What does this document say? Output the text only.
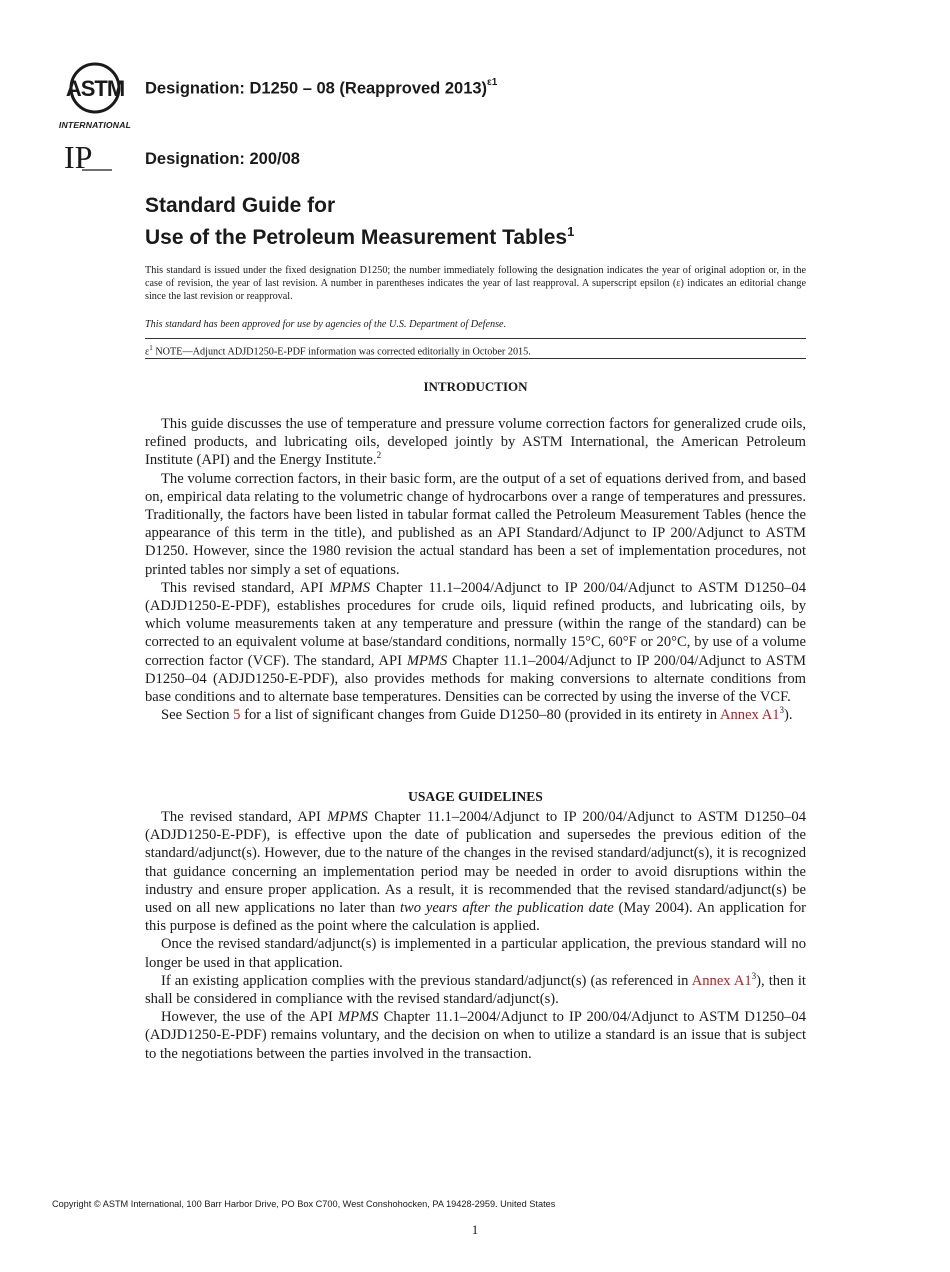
ASTM
INTERNATIONAL
IP
Designation: D1250 – 08 (Reapproved 2013)$^{\varepsilon 1}$
Designation: 200/08
Standard Guide for
Use of the Petroleum Measurement Tables$^1$
This standard is issued under the fixed designation D1250; the number immediately following the designation indicates the year of original adoption or, in the case of revision, the year of last revision. A number in parentheses indicates the year of last reapproval. A superscript epsilon (ε) indicates an editorial change since the last revision or reapproval.
This standard has been approved for use by agencies of the U.S. Department of Defense.
$\varepsilon^1$ NOTE—Adjunct ADJD1250-E-PDF information was corrected editorially in October 2015.
INTRODUCTION

This guide discusses the use of temperature and pressure volume correction factors for generalized crude oils, refined products, and lubricating oils, developed jointly by ASTM International, the American Petroleum Institute (API) and the Energy Institute.$^2$

The volume correction factors, in their basic form, are the output of a set of equations derived from, and based on, empirical data relating to the volumetric change of hydrocarbons over a range of temperatures and pressures. Traditionally, the factors have been listed in tabular format called the Petroleum Measurement Tables (hence the appearance of this term in the title), and published as an API Standard/Adjunct to IP 200/Adjunct to ASTM D1250. However, since the 1980 revision the actual standard has been a set of implementation procedures, not printed tables nor simply a set of equations.

This revised standard, API MPMS Chapter 11.1–2004/Adjunct to IP 200/04/Adjunct to ASTM D1250–04 (ADJD1250-E-PDF), establishes procedures for crude oils, liquid refined products, and lubricating oils, by which volume measurements taken at any temperature and pressure (within the range of the standard) can be corrected to an equivalent volume at base/standard conditions, normally 15°C, 60°F or 20°C, by use of a volume correction factor (VCF). The standard, API MPMS Chapter 11.1–2004/Adjunct to IP 200/04/Adjunct to ASTM D1250–04 (ADJD1250-E-PDF), also provides methods for making conversions to alternate conditions from base conditions and to alternate base temperatures. Densities can be corrected by using the inverse of the VCF.

See Section 5 for a list of significant changes from Guide D1250–80 (provided in its entirety in Annex $A1^3$).

USAGE GUIDELINES

The revised standard, API MPMS Chapter 11.1–2004/Adjunct to IP 200/04/Adjunct to ASTM D1250–04 (ADJD1250-E-PDF), is effective upon the date of publication and supersedes the previous edition of the standard/adjunct(s). However, due to the nature of the changes in the revised standard/adjunct(s), it is recognized that guidance concerning an implementation period may be needed in order to avoid disruptions within the industry and ensure proper application. As a result, it is recommended that the revised standard/adjunct(s) be used on all new applications no later than two years after the publication date (May 2004). An application for this purpose is defined as the point where the calculation is applied.

Once the revised standard/adjunct(s) is implemented in a particular application, the previous standard will no longer be used in that application.

If an existing application complies with the previous standard/adjunct(s) (as referenced in Annex $A1^3$), then it shall be considered in compliance with the revised standard/adjunct(s).

However, the use of the API MPMS Chapter 11.1–2004/Adjunct to IP 200/04/Adjunct to ASTM D1250–04 (ADJD1250-E-PDF) remains voluntary, and the decision on when to utilize a standard is an issue that is subject to the negotiations between the parties involved in the transaction.

Copyright © ASTM International, 100 Barr Harbor Drive, PO Box C700, West Conshohocken, PA 19428-2959. United States
1
